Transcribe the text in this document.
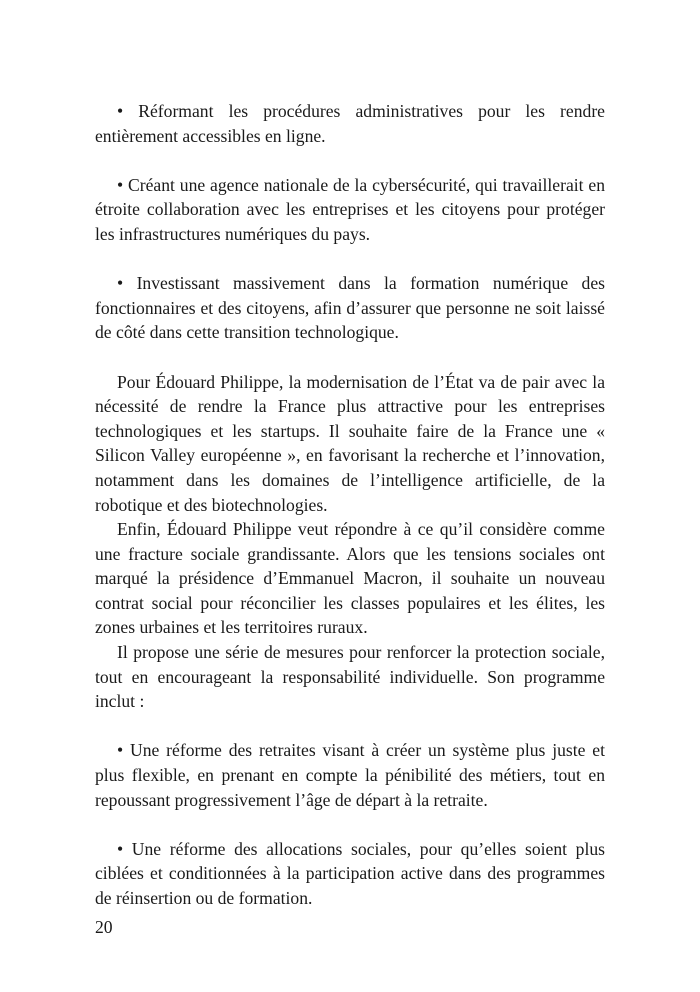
• Réformant les procédures administratives pour les rendre entièrement accessibles en ligne.

• Créant une agence nationale de la cybersécurité, qui travaillerait en étroite collaboration avec les entreprises et les citoyens pour protéger les infrastructures numériques du pays.

• Investissant massivement dans la formation numérique des fonctionnaires et des citoyens, afin d’assurer que personne ne soit laissé de côté dans cette transition technologique.

Pour Édouard Philippe, la modernisation de l’État va de pair avec la nécessité de rendre la France plus attractive pour les entreprises technologiques et les startups. Il souhaite faire de la France une « Silicon Valley européenne », en favorisant la recherche et l’innovation, notamment dans les domaines de l’intelligence artificielle, de la robotique et des biotechnologies.

Enfin, Édouard Philippe veut répondre à ce qu’il considère comme une fracture sociale grandissante. Alors que les tensions sociales ont marqué la présidence d’Emmanuel Macron, il souhaite un nouveau contrat social pour réconcilier les classes populaires et les élites, les zones urbaines et les territoires ruraux.

Il propose une série de mesures pour renforcer la protection sociale, tout en encourageant la responsabilité individuelle. Son programme inclut :

• Une réforme des retraites visant à créer un système plus juste et plus flexible, en prenant en compte la pénibilité des métiers, tout en repoussant progressivement l’âge de départ à la retraite.

• Une réforme des allocations sociales, pour qu’elles soient plus ciblées et conditionnées à la participation active dans des programmes de réinsertion ou de formation.

20
